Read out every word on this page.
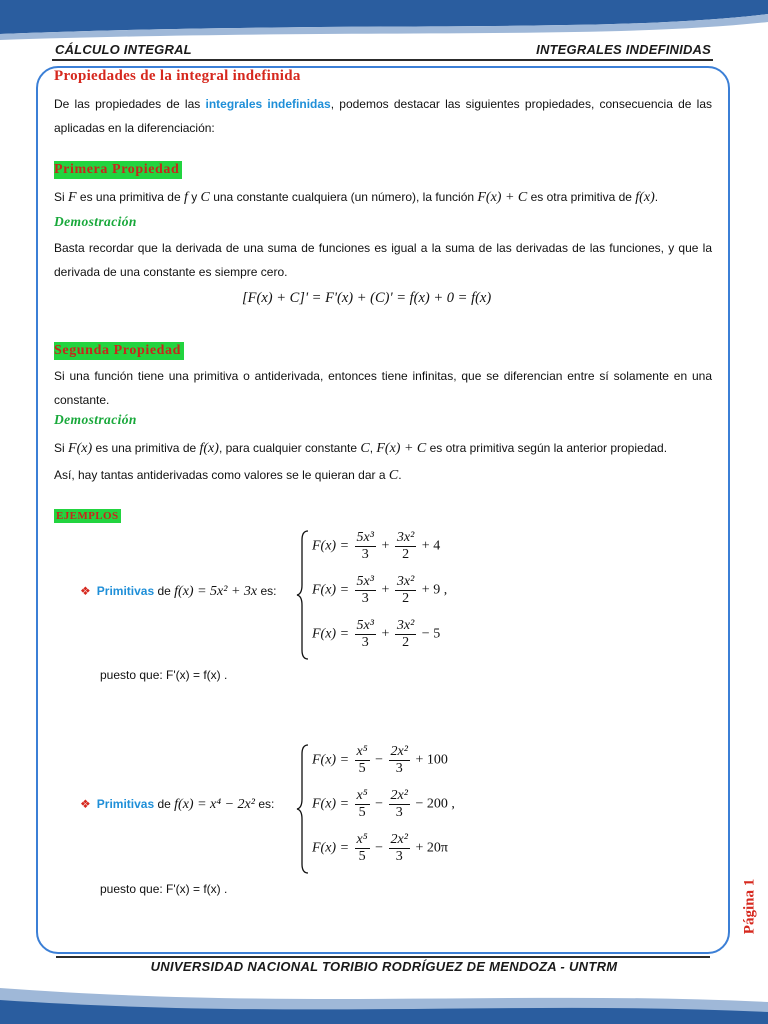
CÁLCULO INTEGRAL	INTEGRALES INDEFINIDAS
Propiedades de la integral indefinida

De las propiedades de las integrales indefinidas, podemos destacar las siguientes propiedades, consecuencia de las aplicadas en la diferenciación:

Primera Propiedad

Si F es una primitiva de f y C una constante cualquiera (un número), la función F(x) + C es otra primitiva de f(x).

Demostración

Basta recordar que la derivada de una suma de funciones es igual a la suma de las derivadas de las funciones, y que la derivada de una constante es siempre cero.

[F(x) + C]' = F'(x) + (C)' = f(x) + 0 = f(x)
Segunda Propiedad

Si una función tiene una primitiva o antiderivada, entonces tiene infinitas, que se diferencian entre sí solamente en una constante.

Demostración

Si F(x) es una primitiva de f(x), para cualquier constante C, F(x) + C es otra primitiva según la anterior propiedad.

Así, hay tantas antiderivadas como valores se le quieran dar a C.

EJEMPLOS
$F(x) = \frac{\text{5x³}}{3} + \frac{\text{3x²}}{2} + 4$
$F(x) = \frac{\text{5x³}}{3} + \frac{\text{3x²}}{2} + 9$ ,
$F(x) = \frac{\text{5x³}}{3} + \frac{\text{3x²}}{2} - 5$
❖ Primitivas de f(x) = 5x² + 3x es:
puesto que: F'(x) = f(x) .
$F(x) = \frac{\text{x⁵}}{5} - \frac{\text{2x²}}{3} + 100$
$F(x) = \frac{\text{x⁵}}{5} - \frac{\text{2x²}}{3} - 200$ ,
$F(x) = \frac{\text{x⁵}}{5} - \frac{\text{2x²}}{3} + 20\pi$
❖ Primitivas de f(x) = x⁴ − 2x² es:
puesto que: F'(x) = f(x) .	Página 1
UNIVERSIDAD NACIONAL TORIBIO RODRÍGUEZ DE MENDOZA - UNTRM
